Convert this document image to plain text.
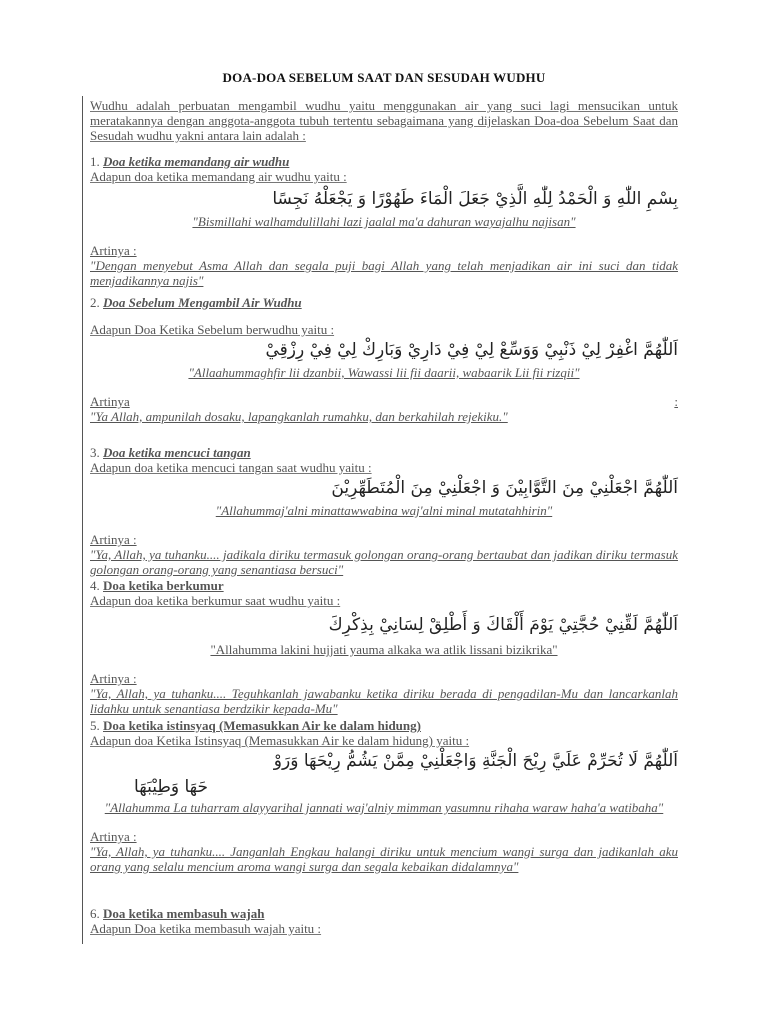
DOA-DOA SEBELUM SAAT DAN SESUDAH WUDHU

Wudhu adalah perbuatan mengambil wudhu yaitu menggunakan air yang suci lagi mensucikan untuk meratakannya dengan anggota-anggota tubuh tertentu sebagaimana yang dijelaskan Doa-doa Sebelum Saat dan Sesudah wudhu yakni antara lain adalah :

1. Doa ketika memandang air wudhu

Adapun doa ketika memandang air wudhu yaitu :

بِسْمِ اللّٰهِ وَ الْحَمْدُ لِلّٰهِ الَّذِيْ جَعَلَ الْمَاءَ طَهُوْرًا وَ يَجْعَلْهُ نَجِسًا

"Bismillahi walhamdulillahi lazi jaalal ma'a dahuran wayajalhu najisan"

Artinya :

"Dengan menyebut Asma Allah dan segala puji bagi Allah yang telah menjadikan air ini suci dan tidak menjadikannya najis"

2. Doa Sebelum Mengambil Air Wudhu

Adapun Doa Ketika Sebelum berwudhu yaitu :

اَللّٰهُمَّ اغْفِرْ لِيْ ذَنْبِيْ وَوَسِّعْ لِيْ فِيْ دَارِيْ وَبَارِكْ لِيْ فِيْ رِزْقِيْ

"Allaahummaghfir lii dzanbii, Wawassi lii fii daarii, wabaarik Lii fii rizqii"

Artinya	:

"Ya Allah, ampunilah dosaku, lapangkanlah rumahku, dan berkahilah rejekiku."

3. Doa ketika mencuci tangan

Adapun doa ketika mencuci tangan saat wudhu yaitu :

اَللّٰهُمَّ اجْعَلْنِيْ مِنَ التَّوَّابِيْنَ وَ اجْعَلْنِيْ مِنَ الْمُتَطَهِّرِيْنَ

"Allahummaj'alni minattawwabina waj'alni minal mutatahhirin"

Artinya :

"Ya, Allah, ya tuhanku.... jadikala diriku termasuk golongan orang-orang bertaubat dan jadikan diriku termasuk golongan orang-orang yang senantiasa bersuci"

4. Doa ketika berkumur

Adapun doa ketika berkumur saat wudhu yaitu :

اَللّٰهُمَّ لَقِّنِيْ حُجَّتِيْ يَوْمَ أَلْقَاكَ وَ أَطْلِقْ لِسَانِيْ بِذِكْرِكَ

"Allahumma lakini hujjati yauma alkaka wa atlik lissani bizikrika"

Artinya :

"Ya, Allah, ya tuhanku.... Teguhkanlah jawabanku ketika diriku berada di pengadilan-Mu dan lancarkanlah lidahku untuk senantiasa berdzikir kepada-Mu"

5. Doa ketika istinsyaq (Memasukkan Air ke dalam hidung)

Adapun doa Ketika Istinsyaq (Memasukkan Air ke dalam hidung) yaitu :

اَللّٰهُمَّ لَا تُحَرِّمْ عَلَيَّ رِيْحَ الْجَنَّةِ وَاجْعَلْنِيْ مِمَّنْ يَشُمُّ رِيْحَهَا وَرَوْ

حَهَا وَطِيْبَهَا

"Allahumma La tuharram alayyarihal jannati waj'alniy mimman yasumnu rihaha waraw haha'a watibaha"

Artinya :

"Ya, Allah, ya tuhanku.... Janganlah Engkau halangi diriku untuk mencium wangi surga dan jadikanlah aku orang yang selalu mencium aroma wangi surga dan segala kebaikan didalamnya"

6. Doa ketika membasuh wajah

Adapun Doa ketika membasuh wajah yaitu :
